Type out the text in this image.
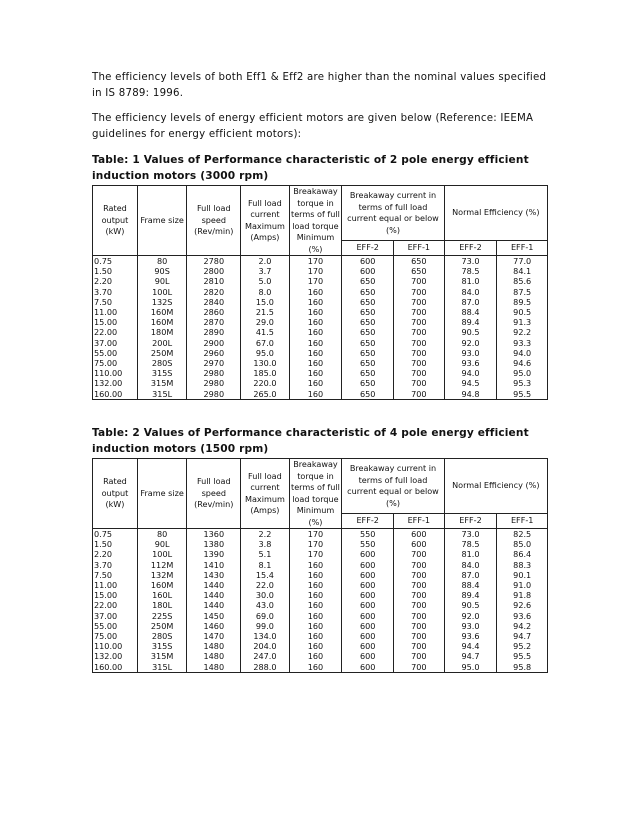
The efficiency levels of both Eff1 & Eff2 are higher than the nominal values specified in IS 8789: 1996.

The efficiency levels of energy efficient motors are given below (Reference: IEEMA guidelines for energy efficient motors):

Table: 1 Values of Performance characteristic of 2 pole energy efficient induction motors (3000 rpm)
Rated output (kW)	Frame size	Full load speed (Rev/min)	Full load current Maximum (Amps)	Breakaway torque in terms of full load torque Minimum (%)	Breakaway current in terms of full load current equal or below (%)		Normal Efficiency (%)	
					EFF-2	EFF-1	EFF-2	EFF-1
0.75	80	2780	2.0	170	600	650	73.0	77.0
1.50	90S	2800	3.7	170	600	650	78.5	84.1
2.20	90L	2810	5.0	170	650	700	81.0	85.6
3.70	100L	2820	8.0	160	650	700	84.0	87.5
7.50	132S	2840	15.0	160	650	700	87.0	89.5
11.00	160M	2860	21.5	160	650	700	88.4	90.5
15.00	160M	2870	29.0	160	650	700	89.4	91.3
22.00	180M	2890	41.5	160	650	700	90.5	92.2
37.00	200L	2900	67.0	160	650	700	92.0	93.3
55.00	250M	2960	95.0	160	650	700	93.0	94.0
75.00	280S	2970	130.0	160	650	700	93.6	94.6
110.00	315S	2980	185.0	160	650	700	94.0	95.0
132.00	315M	2980	220.0	160	650	700	94.5	95.3
160.00	315L	2980	265.0	160	650	700	94.8	95.5
Table: 2 Values of Performance characteristic of 4 pole energy efficient induction motors (1500 rpm)
Rated output (kW)	Frame size	Full load speed (Rev/min)	Full load current Maximum (Amps)	Breakaway torque in terms of full load torque Minimum (%)	Breakaway current in terms of full load current equal or below (%)		Normal Efficiency (%)	
					EFF-2	EFF-1	EFF-2	EFF-1
0.75	80	1360	2.2	170	550	600	73.0	82.5
1.50	90L	1380	3.8	170	550	600	78.5	85.0
2.20	100L	1390	5.1	170	600	700	81.0	86.4
3.70	112M	1410	8.1	160	600	700	84.0	88.3
7.50	132M	1430	15.4	160	600	700	87.0	90.1
11.00	160M	1440	22.0	160	600	700	88.4	91.0
15.00	160L	1440	30.0	160	600	700	89.4	91.8
22.00	180L	1440	43.0	160	600	700	90.5	92.6
37.00	225S	1450	69.0	160	600	700	92.0	93.6
55.00	250M	1460	99.0	160	600	700	93.0	94.2
75.00	280S	1470	134.0	160	600	700	93.6	94.7
110.00	315S	1480	204.0	160	600	700	94.4	95.2
132.00	315M	1480	247.0	160	600	700	94.7	95.5
160.00	315L	1480	288.0	160	600	700	95.0	95.8
